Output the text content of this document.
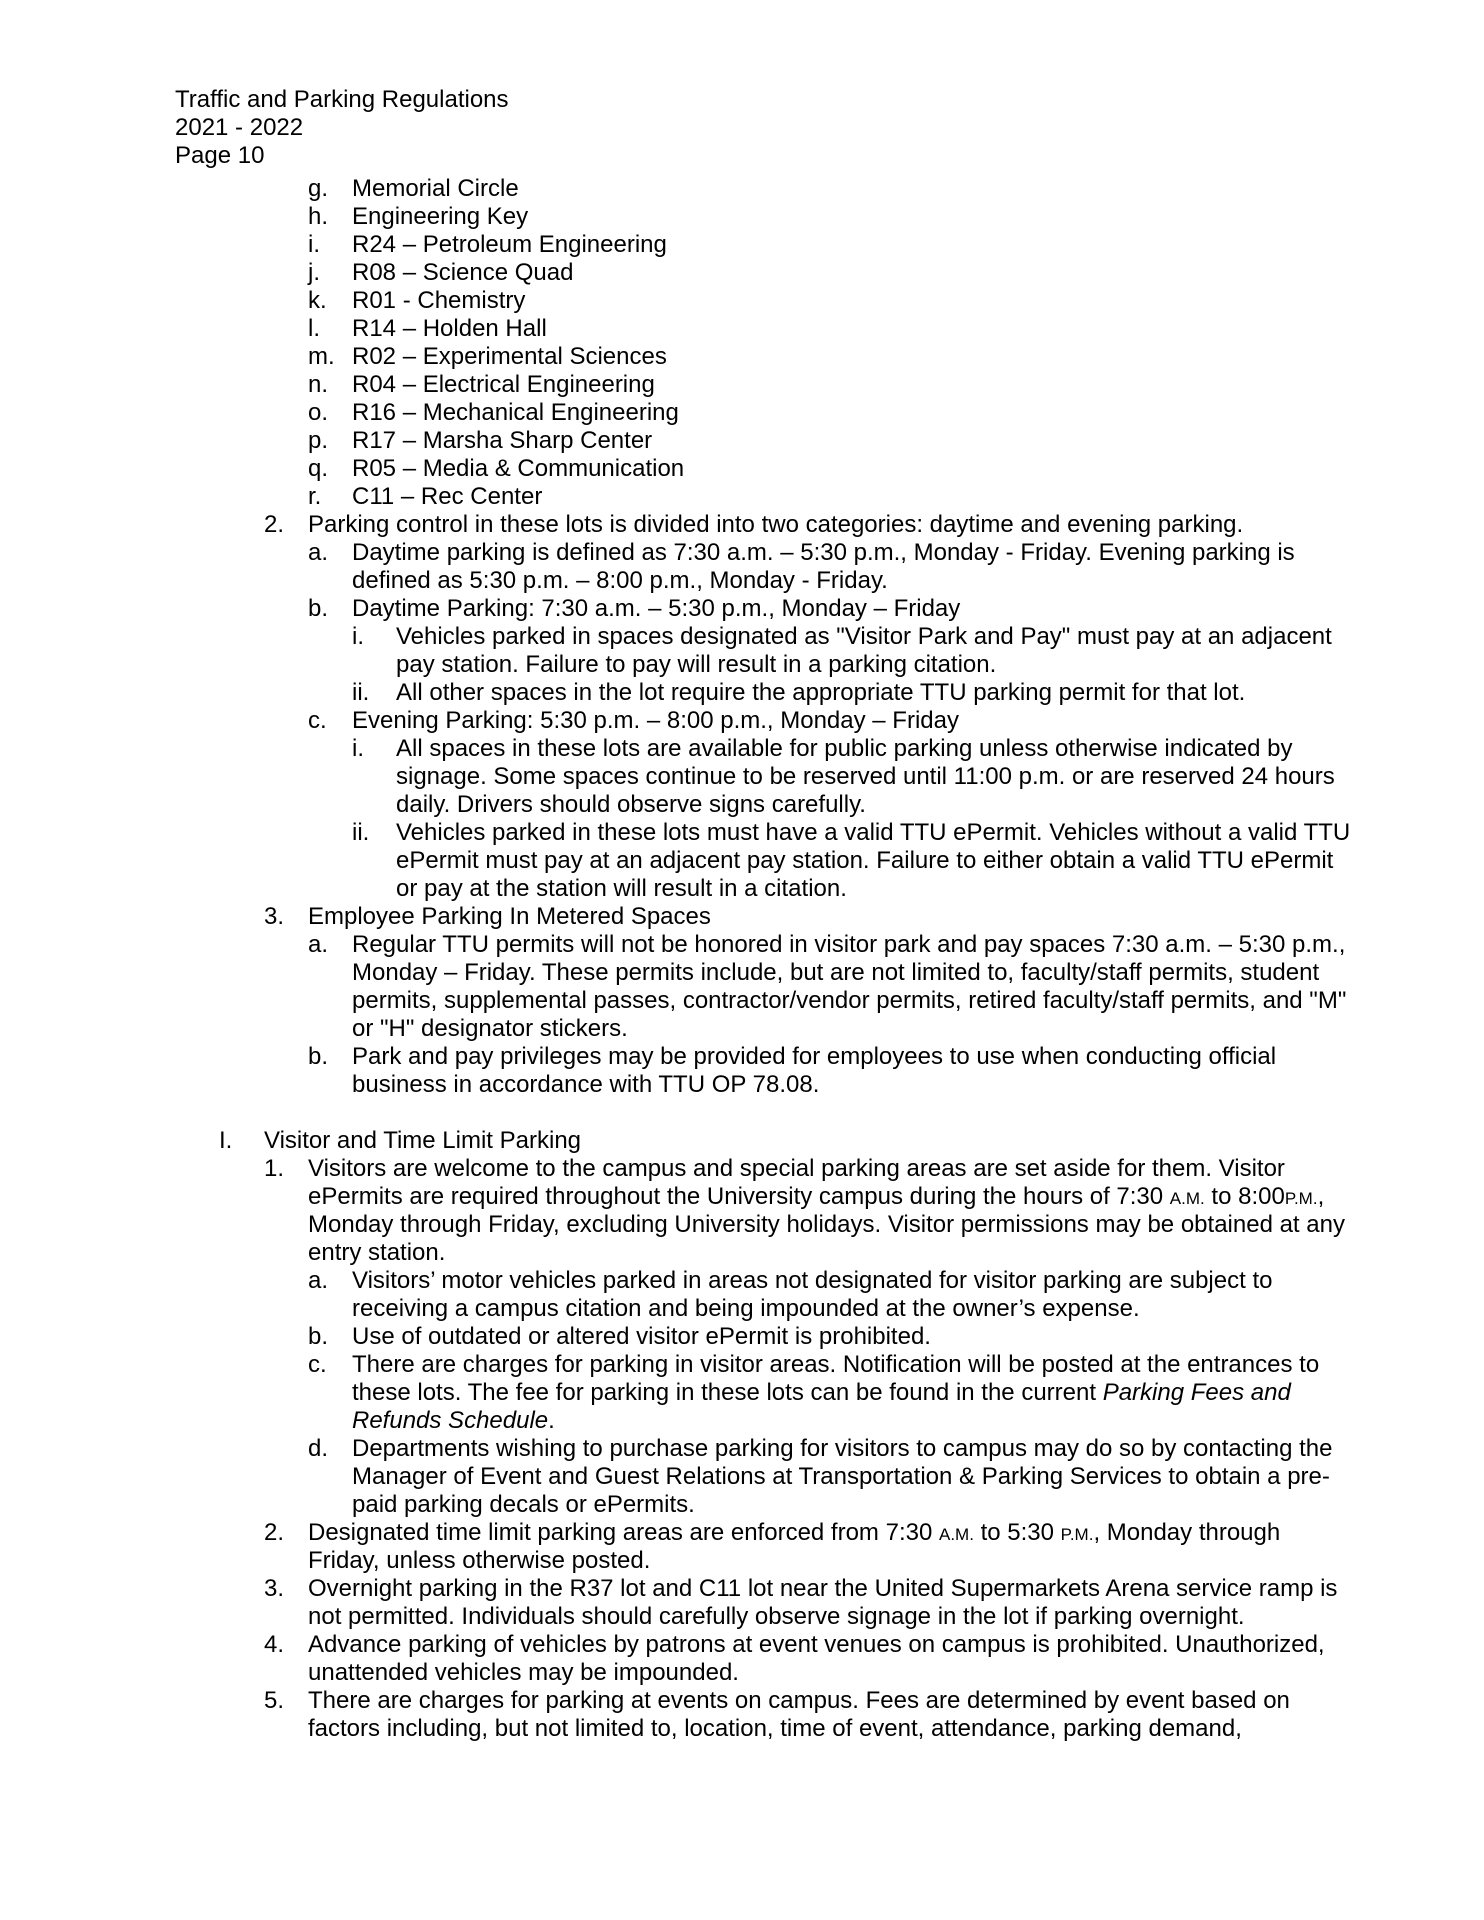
Traffic and Parking Regulations
2021 - 2022
Page 10
g. Memorial Circle
h. Engineering Key
i. R24 – Petroleum Engineering
j. R08 – Science Quad
k. R01 - Chemistry
l. R14 – Holden Hall
m. R02 – Experimental Sciences
n. R04 – Electrical Engineering
o. R16 – Mechanical Engineering
p. R17 – Marsha Sharp Center
q. R05 – Media & Communication
r. C11 – Rec Center
2. Parking control in these lots is divided into two categories: daytime and evening parking.
a. Daytime parking is defined as 7:30 a.m. – 5:30 p.m., Monday - Friday. Evening parking is
defined as 5:30 p.m. – 8:00 p.m., Monday - Friday.
b. Daytime Parking: 7:30 a.m. – 5:30 p.m., Monday – Friday
i. Vehicles parked in spaces designated as "Visitor Park and Pay" must pay at an adjacent
pay station. Failure to pay will result in a parking citation.
ii. All other spaces in the lot require the appropriate TTU parking permit for that lot.
c. Evening Parking: 5:30 p.m. – 8:00 p.m., Monday – Friday
i. All spaces in these lots are available for public parking unless otherwise indicated by
signage. Some spaces continue to be reserved until 11:00 p.m. or are reserved 24 hours
daily. Drivers should observe signs carefully.
ii. Vehicles parked in these lots must have a valid TTU ePermit. Vehicles without a valid TTU
ePermit must pay at an adjacent pay station. Failure to either obtain a valid TTU ePermit
or pay at the station will result in a citation.
3. Employee Parking In Metered Spaces
a. Regular TTU permits will not be honored in visitor park and pay spaces 7:30 a.m. – 5:30 p.m.,
Monday – Friday. These permits include, but are not limited to, faculty/staff permits, student
permits, supplemental passes, contractor/vendor permits, retired faculty/staff permits, and "M"
or "H" designator stickers.
b. Park and pay privileges may be provided for employees to use when conducting official
business in accordance with TTU OP 78.08.
I. Visitor and Time Limit Parking
1. Visitors are welcome to the campus and special parking areas are set aside for them. Visitor
ePermits are required throughout the University campus during the hours of 7:30 A.M. to 8:00P.M.,
Monday through Friday, excluding University holidays. Visitor permissions may be obtained at any
entry station.
a. Visitors’ motor vehicles parked in areas not designated for visitor parking are subject to
receiving a campus citation and being impounded at the owner’s expense.
b. Use of outdated or altered visitor ePermit is prohibited.
c. There are charges for parking in visitor areas. Notification will be posted at the entrances to
these lots. The fee for parking in these lots can be found in the current Parking Fees and
Refunds Schedule.
d. Departments wishing to purchase parking for visitors to campus may do so by contacting the
Manager of Event and Guest Relations at Transportation & Parking Services to obtain a pre-
paid parking decals or ePermits.
2. Designated time limit parking areas are enforced from 7:30 A.M. to 5:30 P.M., Monday through
Friday, unless otherwise posted.
3. Overnight parking in the R37 lot and C11 lot near the United Supermarkets Arena service ramp is
not permitted. Individuals should carefully observe signage in the lot if parking overnight.
4. Advance parking of vehicles by patrons at event venues on campus is prohibited. Unauthorized,
unattended vehicles may be impounded.
5. There are charges for parking at events on campus. Fees are determined by event based on
factors including, but not limited to, location, time of event, attendance, parking demand,
